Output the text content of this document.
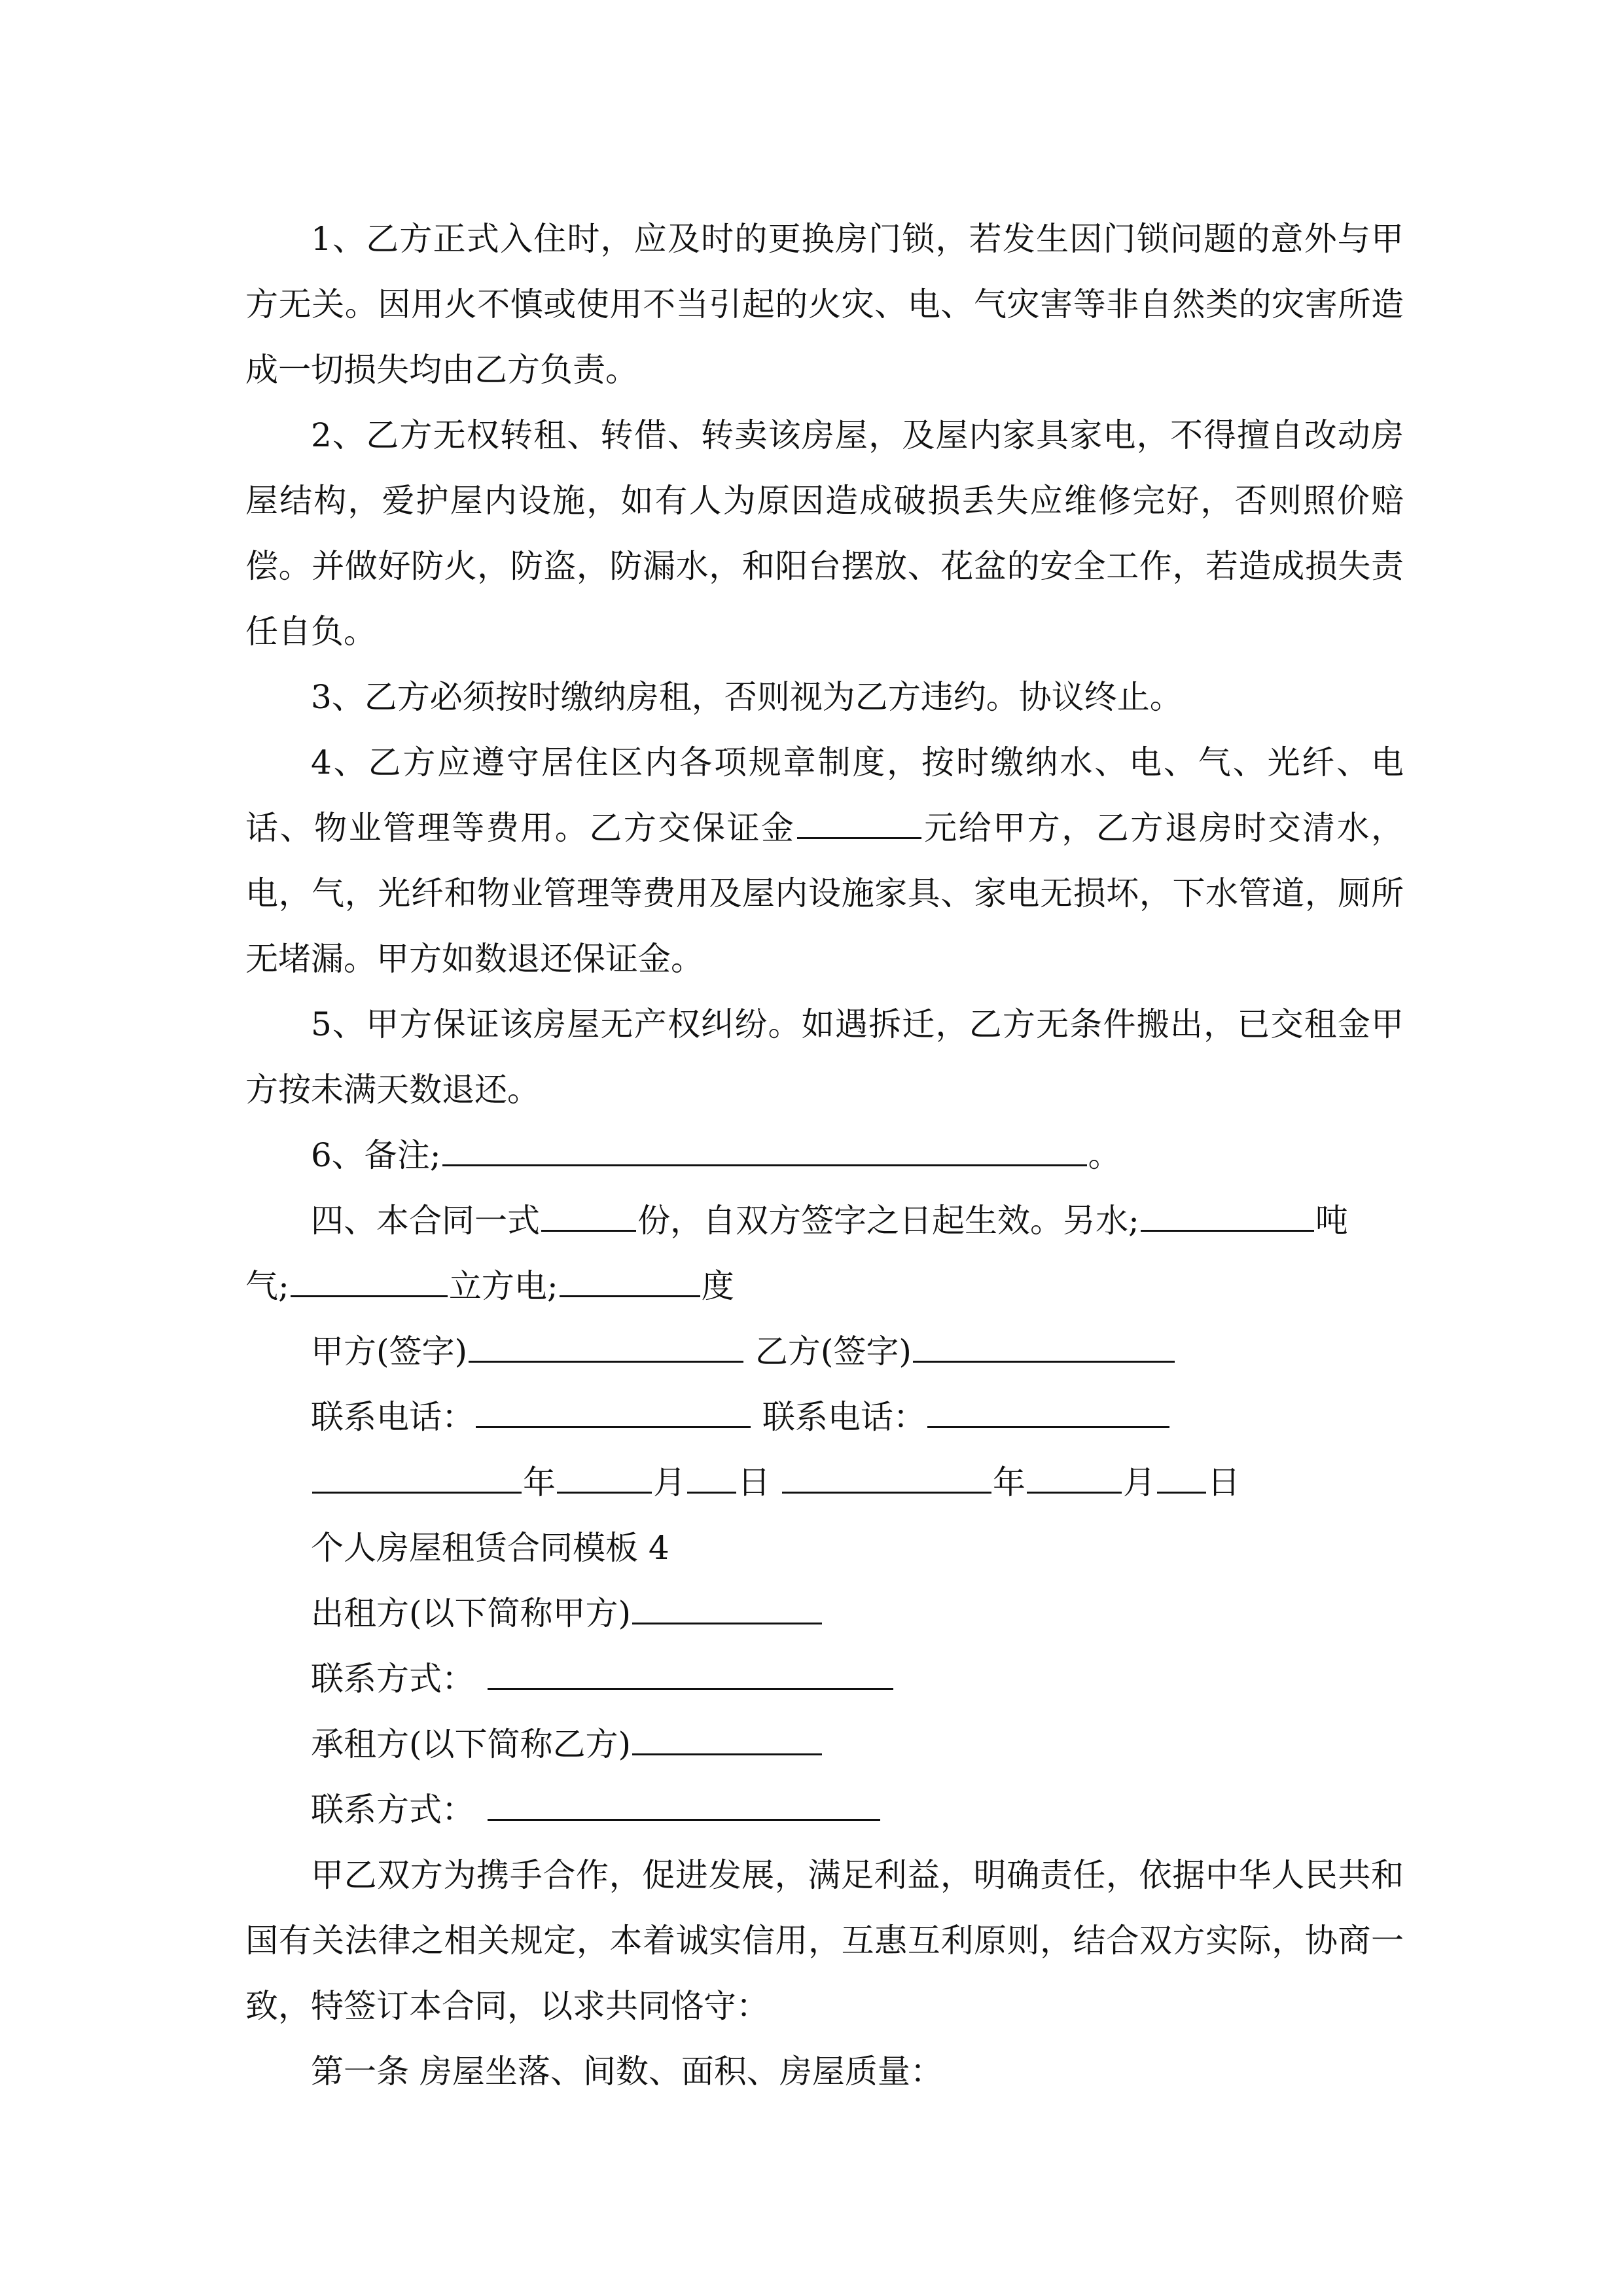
1、乙方正式入住时，应及时的更换房门锁，若发生因门锁问题的意外与甲方无关。因用火不慎或使用不当引起的火灾、电、气灾害等非自然类的灾害所造成一切损失均由乙方负责。

2、乙方无权转租、转借、转卖该房屋，及屋内家具家电，不得擅自改动房屋结构，爱护屋内设施，如有人为原因造成破损丢失应维修完好，否则照价赔偿。并做好防火，防盗，防漏水，和阳台摆放、花盆的安全工作，若造成损失责任自负。

3、乙方必须按时缴纳房租，否则视为乙方违约。协议终止。

4、乙方应遵守居住区内各项规章制度，按时缴纳水、电、气、光纤、电话、物业管理等费用。乙方交保证金	元给甲方，乙方退房时交清水，电，气，光纤和物业管理等费用及屋内设施家具、家电无损坏，下水管道，厕所无堵漏。甲方如数退还保证金。

5、甲方保证该房屋无产权纠纷。如遇拆迁，乙方无条件搬出，已交租金甲方按未满天数退还。

6、备注;	。

四、本合同一式	份，自双方签字之日起生效。另水;	吨
气;	立方电;	度

甲方(签字)	乙方(签字)
联系电话：	联系电话：
年	月 日	年	月 日
个人房屋租赁合同模板 4
出租方(以下简称甲方)
联系方式：
承租方(以下简称乙方)
联系方式：

甲乙双方为携手合作，促进发展，满足利益，明确责任，依据中华人民共和国有关法律之相关规定，本着诚实信用，互惠互利原则，结合双方实际，协商一致，特签订本合同，以求共同恪守：

第一条 房屋坐落、间数、面积、房屋质量：
